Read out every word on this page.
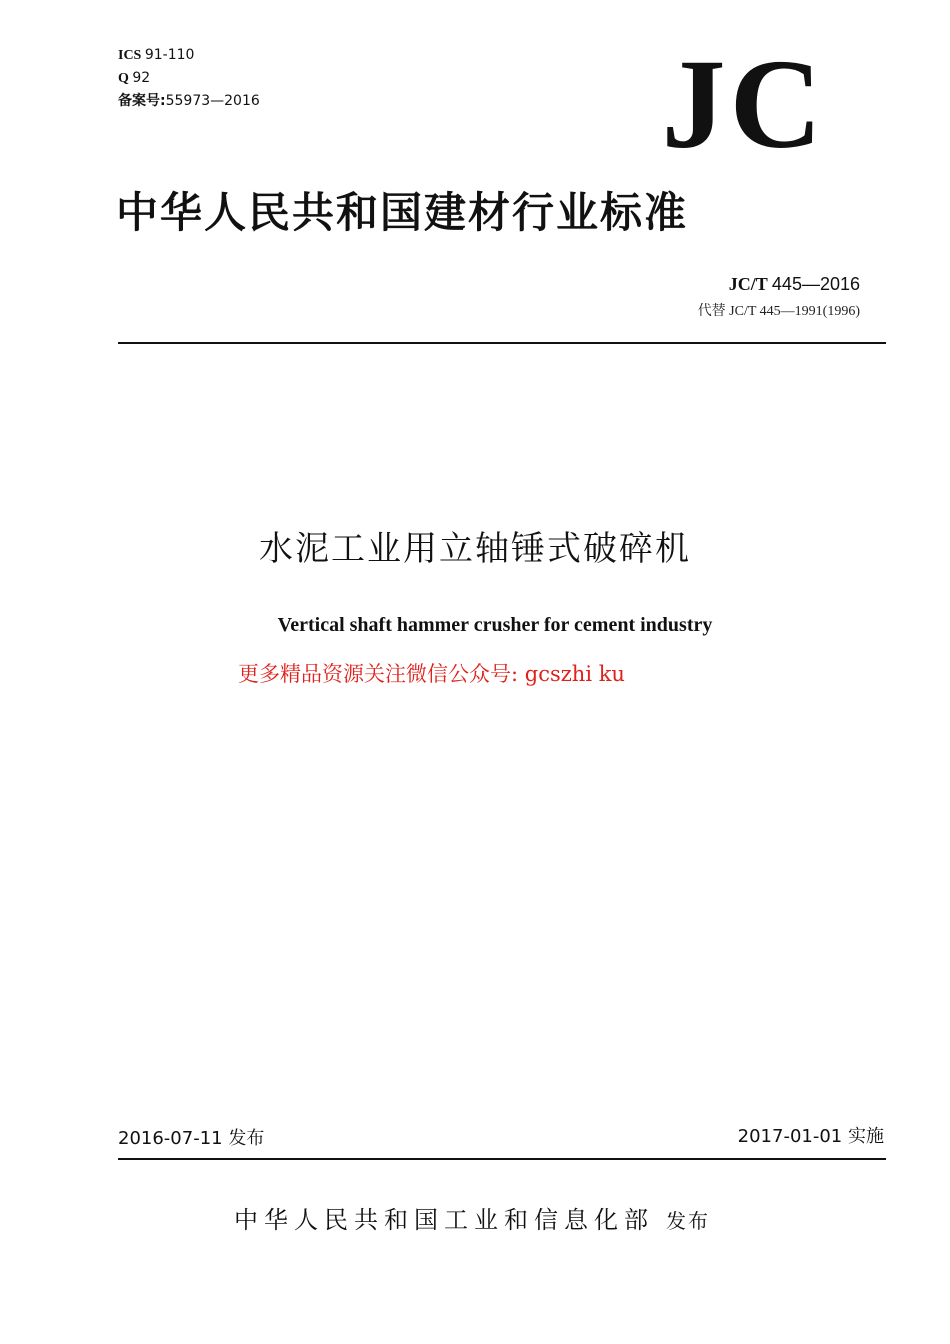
ICS 91-110
Q 92
备案号:55973—2016	JC
中华人民共和国建材行业标准
JC/T 445—2016
代替 JC/T 445—1991(1996)
水泥工业用立轴锤式破碎机
Vertical shaft hammer crusher for cement industry
更多精品资源关注微信公众号: gcszhi ku
2016-07-11 发布	2017-01-01 实施
中华人民共和国工业和信息化部 发布
